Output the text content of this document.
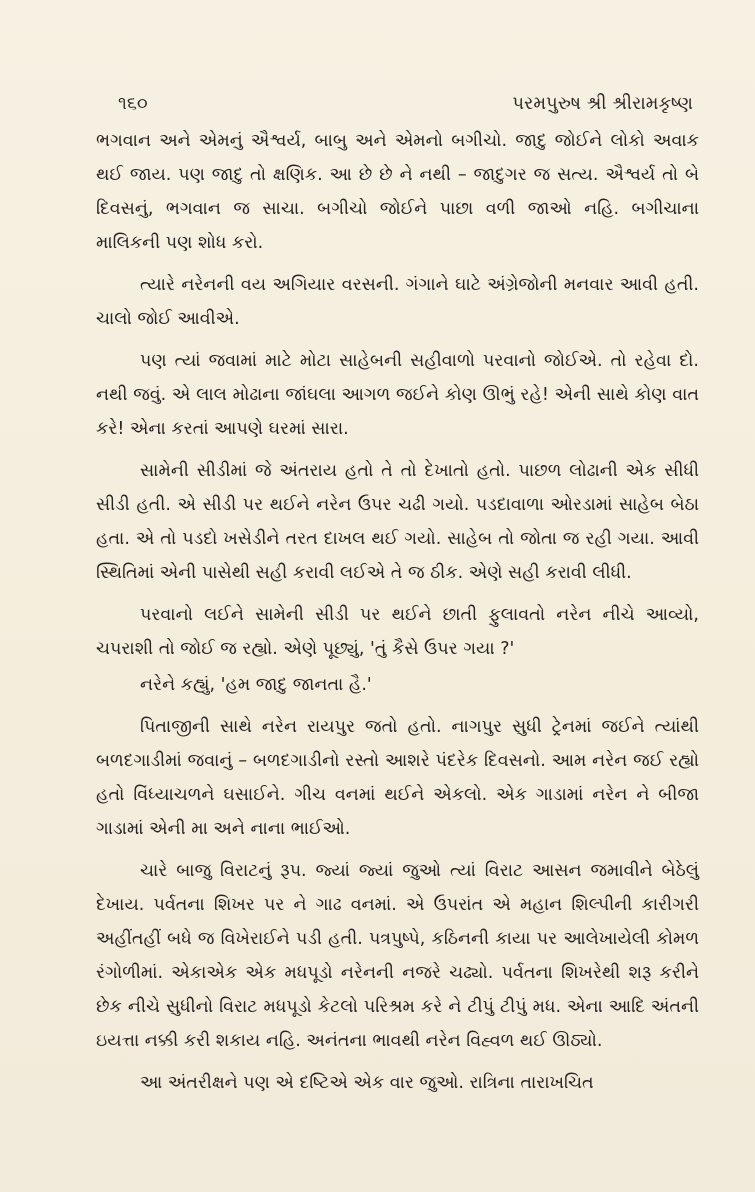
૧૬૦	પરમપુરુષ શ્રી શ્રીરામકૃષ્ણ

ભગવાન અને એમનું ઐશ્વર્ય, બાબુ અને એમનો બગીચો. જાદુ જોઈને લોકો અવાક થઈ જાય. પણ જાદુ તો ક્ષણિક. આ છે છે ને નથી – જાદુગર જ સત્ય. ઐશ્વર્ય તો બે દિવસનું, ભગવાન જ સાચા. બગીચો જોઈને પાછા વળી જાઓ નહિ. બગીચાના માલિકની પણ શોધ કરો.

ત્યારે નરેનની વય અગિયાર વરસની. ગંગાને ઘાટે અંગ્રેજોની મનવાર આવી હતી. ચાલો જોઈ આવીએ.

પણ ત્યાં જવામાં માટે મોટા સાહેબની સહીવાળો પરવાનો જોઈએ. તો રહેવા દો. નથી જવું. એ લાલ મોઢાના જાંઘલા આગળ જઈને કોણ ઊભું રહે! એની સાથે કોણ વાત કરે! એના કરતાં આપણે ઘરમાં સારા.

સામેની સીડીમાં જે અંતરાય હતો તે તો દેખાતો હતો. પાછળ લોઢાની એક સીધી સીડી હતી. એ સીડી પર થઈને નરેન ઉપર ચઢી ગયો. પડદાવાળા ઓરડામાં સાહેબ બેઠા હતા. એ તો પડદો ખસેડીને તરત દાખલ થઈ ગયો. સાહેબ તો જોતા જ રહી ગયા. આવી સ્થિતિમાં એની પાસેથી સહી કરાવી લઈએ તે જ ઠીક. એણે સહી કરાવી લીધી.

પરવાનો લઈને સામેની સીડી પર થઈને છાતી ફુલાવતો નરેન નીચે આવ્યો, ચપરાશી તો જોઈ જ રહ્યો. એણે પૂછ્યું, 'તું કૈસે ઉપર ગયા ?'

નરેને કહ્યું, 'હમ જાદુ જાનતા હૈ.'

પિતાજીની સાથે નરેન રાયપુર જતો હતો. નાગપુર સુધી ટ્રેનમાં જઈને ત્યાંથી બળદગાડીમાં જવાનું – બળદગાડીનો રસ્તો આશરે પંદરેક દિવસનો. આમ નરેન જઈ રહ્યો હતો વિંધ્યાચળને ઘસાઈને. ગીચ વનમાં થઈને એકલો. એક ગાડામાં નરેન ને બીજા ગાડામાં એની મા અને નાના ભાઈઓ.

ચારે બાજુ વિરાટનું રૂપ. જ્યાં જ્યાં જુઓ ત્યાં વિરાટ આસન જમાવીને બેઠેલું દેખાય. પર્વતના શિખર પર ને ગાઢ વનમાં. એ ઉપરાંત એ મહાન શિલ્પીની કારીગરી અહીંતહીં બધે જ વિખેરાઈને પડી હતી. પત્રપુષ્પે, કઠિનની કાયા પર આલેખાયેલી કોમળ રંગોળીમાં. એકાએક એક મધપૂડો નરેનની નજરે ચઢ્યો. પર્વતના શિખરેથી શરૂ કરીને છેક નીચે સુધીનો વિરાટ મધપૂડો કેટલો પરિશ્રમ કરે ને ટીપું ટીપું મધ. એના આદિ અંતની ઇયત્તા નક્કી કરી શકાય નહિ. અનંતના ભાવથી નરેન વિહ્વળ થઈ ઊઠ્યો.

આ અંતરીક્ષને પણ એ દષ્ટિએ એક વાર જુઓ. રાત્રિના તારાખચિત
